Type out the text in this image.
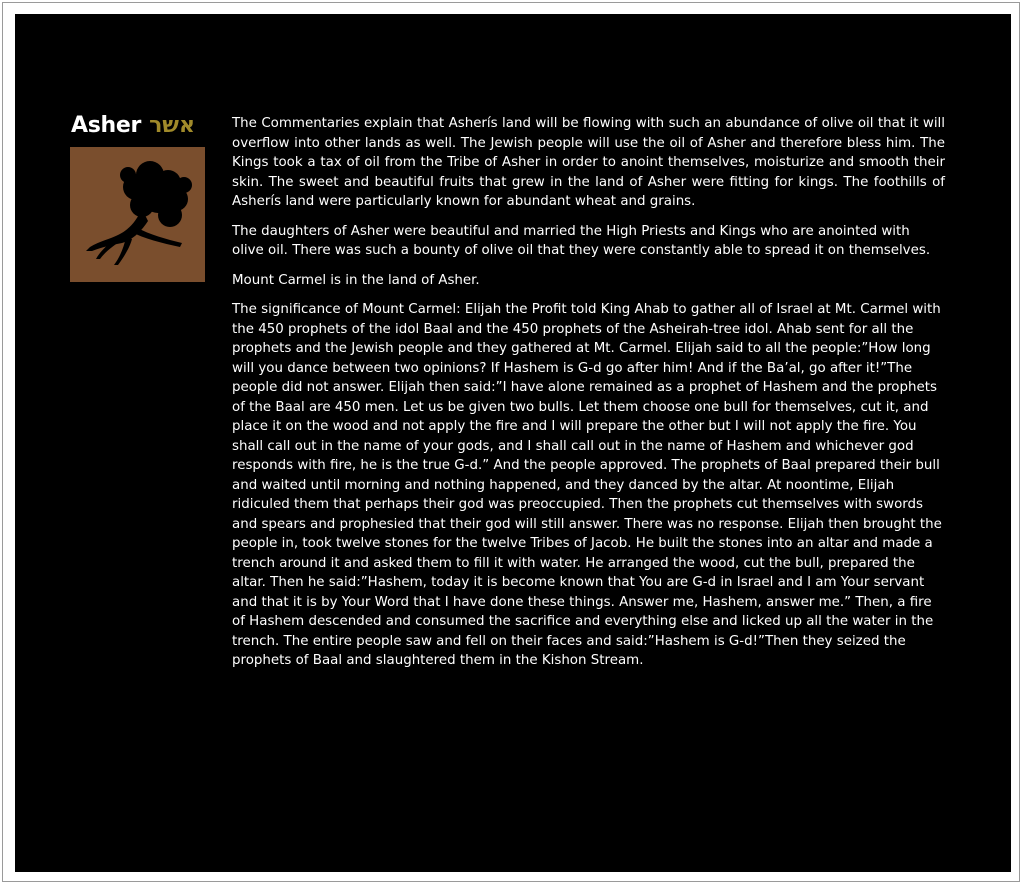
Asher אשר	The Commentaries explain that Asherís land will be flowing with such an abundance of olive oil that it will overflow into other lands as well. The Jewish people will use the oil of Asher and therefore bless him. The Kings took a tax of oil from the Tribe of Asher in order to anoint themselves, moisturize and smooth their skin. The sweet and beautiful fruits that grew in the land of Asher were fitting for kings. The foothills of Asherís land were particularly known for abundant wheat and grains.

The daughters of Asher were beautiful and married the High Priests and Kings who are anointed with olive oil. There was such a bounty of olive oil that they were constantly able to spread it on themselves.

Mount Carmel is in the land of Asher.

The significance of Mount Carmel: Elijah the Profit told King Ahab to gather all of Israel at Mt. Carmel with the 450 prophets of the idol Baal and the 450 prophets of the Asheirah-tree idol. Ahab sent for all the prophets and the Jewish people and they gathered at Mt. Carmel. Elijah said to all the people:”How long will you dance between two opinions? If Hashem is G-d go after him! And if the Ba’al, go after it!”The people did not answer. Elijah then said:”I have alone remained as a prophet of Hashem and the prophets of the Baal are 450 men. Let us be given two bulls. Let them choose one bull for themselves, cut it, and place it on the wood and not apply the fire and I will prepare the other but I will not apply the fire. You shall call out in the name of your gods, and I shall call out in the name of Hashem and whichever god responds with fire, he is the true G-d.” And the people approved. The prophets of Baal prepared their bull and waited until morning and nothing happened, and they danced by the altar. At noontime, Elijah ridiculed them that perhaps their god was preoccupied. Then the prophets cut themselves with swords and spears and prophesied that their god will still answer. There was no response. Elijah then brought the people in, took twelve stones for the twelve Tribes of Jacob. He built the stones into an altar and made a trench around it and asked them to fill it with water. He arranged the wood, cut the bull, prepared the altar. Then he said:”Hashem, today it is become known that You are G-d in Israel and I am Your servant and that it is by Your Word that I have done these things. Answer me, Hashem, answer me.” Then, a fire of Hashem descended and consumed the sacrifice and everything else and licked up all the water in the trench. The entire people saw and fell on their faces and said:”Hashem is G-d!”Then they seized the prophets of Baal and slaughtered them in the Kishon Stream.
